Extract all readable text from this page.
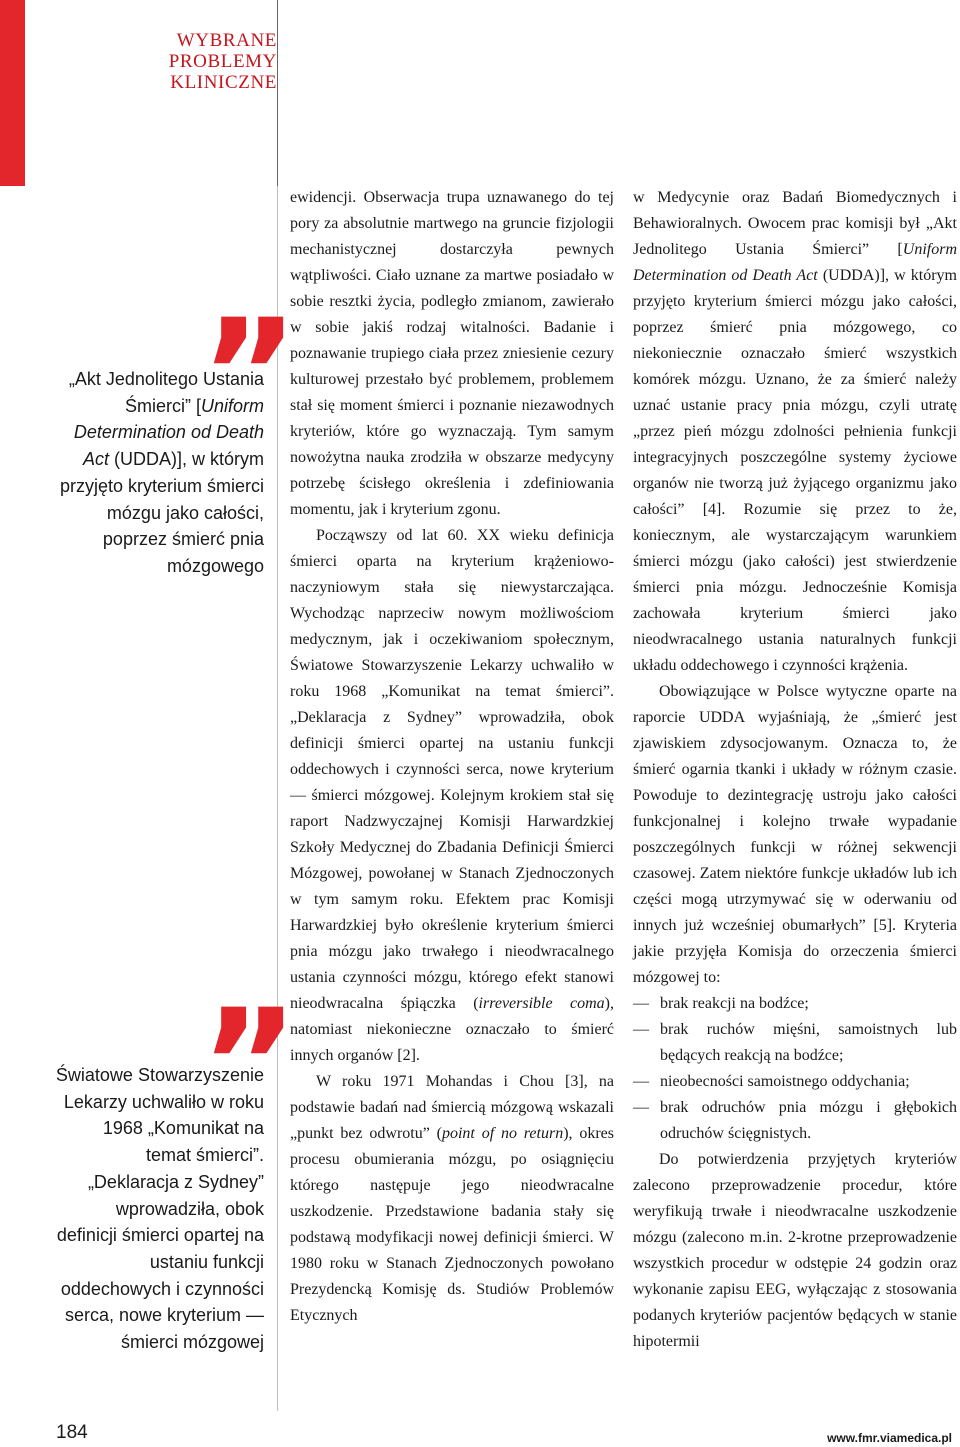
WYBRANE
PROBLEMY
KLINICZNE
„Akt Jednolitego Ustania Śmierci” [Uniform Determination od Death Act (UDDA)], w którym przyjęto kryterium śmierci mózgu jako całości, poprzez śmierć pnia mózgowego
Światowe Stowarzyszenie Lekarzy uchwaliło w roku 1968 „Komunikat na temat śmierci”. „Deklaracja z Sydney” wprowadziła, obok definicji śmierci opartej na ustaniu funkcji oddechowych i czynności serca, nowe kryterium — śmierci mózgowej

ewidencji. Obserwacja trupa uznawanego do tej pory za absolutnie martwego na gruncie fizjologii mechanistycznej dostarczyła pewnych wątpliwości. Ciało uznane za martwe posiadało w sobie resztki życia, podległo zmianom, zawierało w sobie jakiś rodzaj witalności. Badanie i poznawanie trupiego ciała przez zniesienie cezury kulturowej przestało być problemem, problemem stał się moment śmierci i poznanie niezawodnych kryteriów, które go wyznaczają. Tym samym nowożytna nauka zrodziła w obszarze medycyny potrzebę ścisłego określenia i zdefiniowania momentu, jak i kryterium zgonu.

Począwszy od lat 60. XX wieku definicja śmierci oparta na kryterium krążeniowo-naczyniowym stała się niewystarczająca. Wychodząc naprzeciw nowym możliwościom medycznym, jak i oczekiwaniom społecznym, Światowe Stowarzyszenie Lekarzy uchwaliło w roku 1968 „Komunikat na temat śmierci”. „Deklaracja z Sydney” wprowadziła, obok definicji śmierci opartej na ustaniu funkcji oddechowych i czynności serca, nowe kryterium — śmierci mózgowej. Kolejnym krokiem stał się raport Nadzwyczajnej Komisji Harwardzkiej Szkoły Medycznej do Zbadania Definicji Śmierci Mózgowej, powołanej w Stanach Zjednoczonych w tym samym roku. Efektem prac Komisji Harwardzkiej było określenie kryterium śmierci pnia mózgu jako trwałego i nieodwracalnego ustania czynności mózgu, którego efekt stanowi nieodwracalna śpiączka (irreversible coma), natomiast niekonieczne oznaczało to śmierć innych organów [2].

W roku 1971 Mohandas i Chou [3], na podstawie badań nad śmiercią mózgową wskazali „punkt bez odwrotu” (point of no return), okres procesu obumierania mózgu, po osiągnięciu którego następuje jego nieodwracalne uszkodzenie. Przedstawione badania stały się podstawą modyfikacji nowej definicji śmierci. W 1980 roku w Stanach Zjednoczonych powołano Prezydencką Komisję ds. Studiów Problemów Etycznych

w Medycynie oraz Badań Biomedycznych i Behawioralnych. Owocem prac komisji był „Akt Jednolitego Ustania Śmierci” [Uniform Determination od Death Act (UDDA)], w którym przyjęto kryterium śmierci mózgu jako całości, poprzez śmierć pnia mózgowego, co niekoniecznie oznaczało śmierć wszystkich komórek mózgu. Uznano, że za śmierć należy uznać ustanie pracy pnia mózgu, czyli utratę „przez pień mózgu zdolności pełnienia funkcji integracyjnych poszczególne systemy życiowe organów nie tworzą już żyjącego organizmu jako całości” [4]. Rozumie się przez to że, koniecznym, ale wystarczającym warunkiem śmierci mózgu (jako całości) jest stwierdzenie śmierci pnia mózgu. Jednocześnie Komisja zachowała kryterium śmierci jako nieodwracalnego ustania naturalnych funkcji układu oddechowego i czynności krążenia.

Obowiązujące w Polsce wytyczne oparte na raporcie UDDA wyjaśniają, że „śmierć jest zjawiskiem zdysocjowanym. Oznacza to, że śmierć ogarnia tkanki i układy w różnym czasie. Powoduje to dezintegrację ustroju jako całości funkcjonalnej i kolejno trwałe wypadanie poszczególnych funkcji w różnej sekwencji czasowej. Zatem niektóre funkcje układów lub ich części mogą utrzymywać się w oderwaniu od innych już wcześniej obumarłych” [5]. Kryteria jakie przyjęła Komisja do orzeczenia śmierci mózgowej to:

— brak reakcji na bodźce;
— brak ruchów mięśni, samoistnych lub będących reakcją na bodźce;
— nieobecności samoistnego oddychania;
— brak odruchów pnia mózgu i głębokich odruchów ścięgnistych.

Do potwierdzenia przyjętych kryteriów zalecono przeprowadzenie procedur, które weryfikują trwałe i nieodwracalne uszkodzenie mózgu (zalecono m.in. 2-krotne przeprowadzenie wszystkich procedur w odstępie 24 godzin oraz wykonanie zapisu EEG, wyłączając z stosowania podanych kryteriów pacjentów będących w stanie hipotermii

184	www.fmr.viamedica.pl
